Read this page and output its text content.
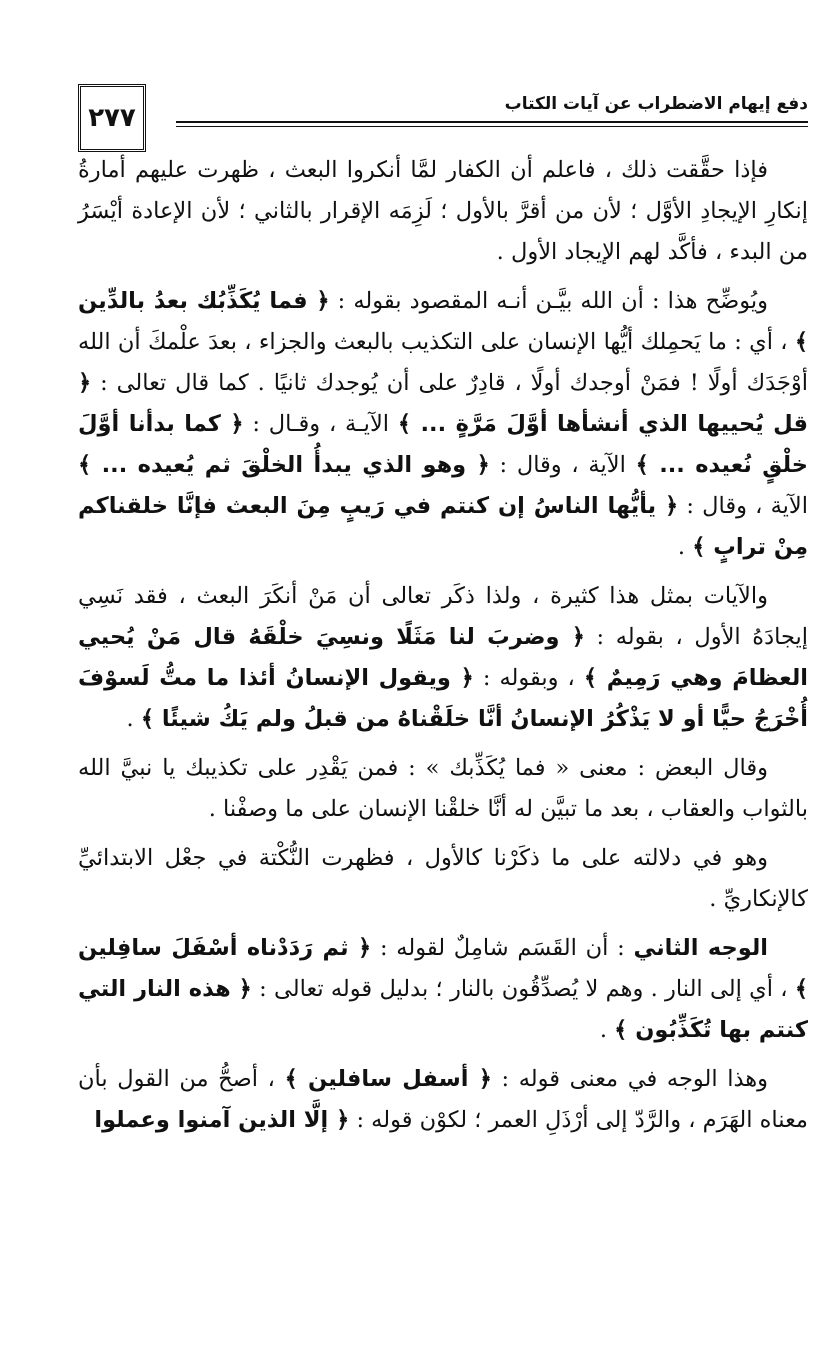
٢٧٧	دفع إيهام الاضطراب عن آيات الكتاب

فإذا حقَّقت ذلك ، فاعلم أن الكفار لمَّا أنكروا البعث ، ظهرت عليهم أمارةُ إنكارِ الإيجادِ الأوَّل ؛ لأن من أقرَّ بالأول ؛ لَزِمَه الإقرار بالثاني ؛ لأن الإعادة أيْسَرُ من البدء ، فأكَّد لهم الإيجاد الأول .

ويُوضِّح هذا : أن الله بيَّـن أنـه المقصود بقوله : ﴿ فما يُكَذِّبُك بعدُ بالدِّين ﴾ ، أي : ما يَحمِلك أيُّها الإنسان على التكذيب بالبعث والجزاء ، بعدَ علْمكَ أن الله أوْجَدَك أولًا ! فمَنْ أوجدك أولًا ، قادِرٌ على أن يُوجدك ثانيًا . كما قال تعالى : ﴿ قل يُحييها الذي أنشأها أوَّلَ مَرَّةٍ ... ﴾ الآيـة ، وقـال : ﴿ كما بدأنا أوَّلَ خلْقٍ نُعيده ... ﴾ الآية ، وقال : ﴿ وهو الذي يبدأُ الخلْقَ ثم يُعيده ... ﴾ الآية ، وقال : ﴿ يأيُّها الناسُ إن كنتم في رَيبٍ مِنَ البعث فإنَّا خلقناكم مِنْ ترابٍ ﴾ .

والآيات بمثل هذا كثيرة ، ولذا ذكَر تعالى أن مَنْ أنكَرَ البعث ، فقد نَسِي إيجادَهُ الأول ، بقوله : ﴿ وضربَ لنا مَثَلًا ونسِيَ خلْقَهُ قال مَنْ يُحيي العظامَ وهي رَمِيمٌ ﴾ ، وبقوله : ﴿ ويقول الإنسانُ أئذا ما متُّ لَسوْفَ أُخْرَجُ حيًّا أو لا يَذْكُرُ الإنسانُ أنَّا خلَقْناهُ من قبلُ ولم يَكُ شيئًا ﴾ .

وقال البعض : معنى « فما يُكَذِّبك » : فمن يَقْدِر على تكذيبك يا نبيَّ الله بالثواب والعقاب ، بعد ما تبيَّن له أنَّا خلقْنا الإنسان على ما وصفْنا .

وهو في دلالته على ما ذكَرْنا كالأول ، فظهرت النُّكْتة في جعْل الابتدائيِّ كالإنكاريِّ .

الوجه الثاني : أن القَسَم شامِلٌ لقوله : ﴿ ثم رَدَدْناه أسْفَلَ سافِلين ﴾ ، أي إلى النار . وهم لا يُصدِّقُون بالنار ؛ بدليل قوله تعالى : ﴿ هذه النار التي كنتم بها تُكَذِّبُون ﴾ .

وهذا الوجه في معنى قوله : ﴿ أسفل سافلين ﴾ ، أصحُّ من القول بأن معناه الهَرَم ، والرَّدّ إلى أرْذَلِ العمر ؛ لكوْن قوله : ﴿ إلَّا الذين آمنوا وعملوا
